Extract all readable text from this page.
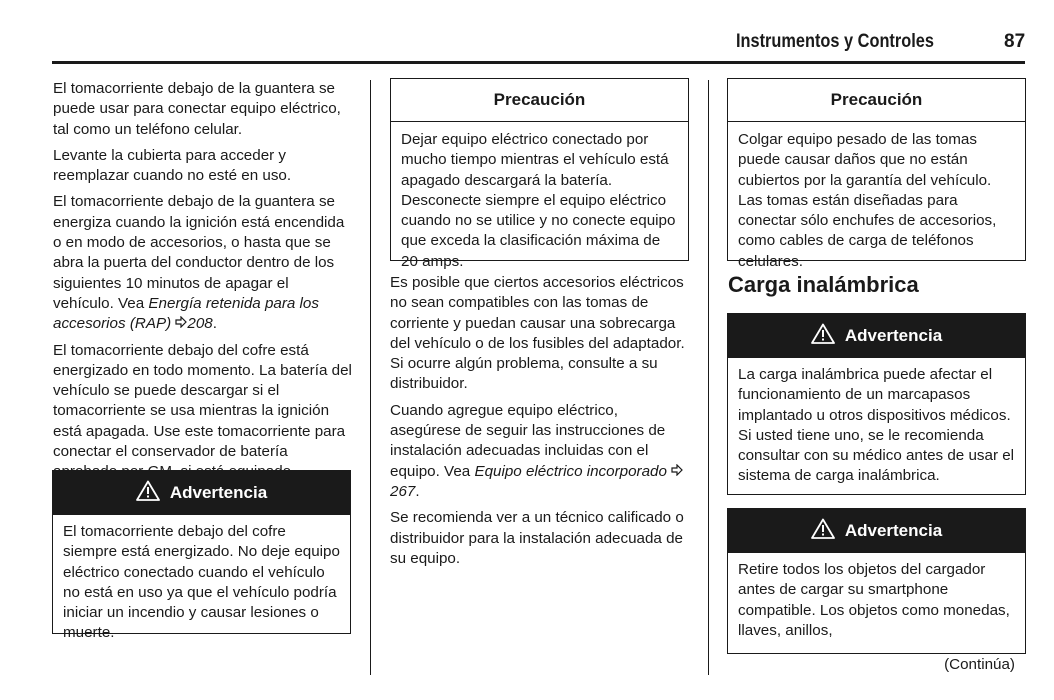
Instrumentos y Controles	87

El tomacorriente debajo de la guantera se puede usar para conectar equipo eléctrico, tal como un teléfono celular.

Levante la cubierta para acceder y reemplazar cuando no esté en uso.

El tomacorriente debajo de la guantera se energiza cuando la ignición está encendida o en modo de accesorios, o hasta que se abra la puerta del conductor dentro de los siguientes 10 minutos de apagar el vehículo. Vea Energía retenida para los accesorios (RAP) 208.

El tomacorriente debajo del cofre está energizado en todo momento. La batería del vehículo se puede descargar si el tomacorriente se usa mientras la ignición está apagada. Use este tomacorriente para conectar el conservador de batería

Advertencia
El tomacorriente debajo del cofre siempre está energizado. No deje equipo eléctrico conectado cuando el vehículo no está en uso ya que el vehículo podría iniciar un incendio y causar lesiones o muerte.
Precaución
Dejar equipo eléctrico conectado por mucho tiempo mientras el vehículo está apagado descargará la batería. Desconecte siempre el equipo eléctrico cuando no se utilice y no conecte equipo que exceda la clasificación máxima de 20 amps.

Es posible que ciertos accesorios eléctricos no sean compatibles con las tomas de corriente y puedan causar una sobrecarga del vehículo o de los fusibles del adaptador. Si ocurre algún problema, consulte a su distribuidor.

Cuando agregue equipo eléctrico, asegúrese de seguir las instrucciones de instalación adecuadas incluidas con el equipo. Vea Equipo eléctrico incorporado 267.

Se recomienda ver a un técnico calificado o distribuidor para la instalación adecuada de su equipo.

Precaución
Colgar equipo pesado de las tomas puede causar daños que no están cubiertos por la garantía del vehículo. Las tomas están diseñadas para conectar sólo enchufes de accesorios, como cables de carga de teléfonos celulares.
Carga inalámbrica
Advertencia
La carga inalámbrica puede afectar el funcionamiento de un marcapasos implantado u otros dispositivos médicos. Si usted tiene uno, se le recomienda consultar con su médico antes de usar el sistema de carga inalámbrica.
Advertencia
Retire todos los objetos del cargador antes de cargar su smartphone compatible. Los objetos como monedas, llaves, anillos,
(Continúa)
